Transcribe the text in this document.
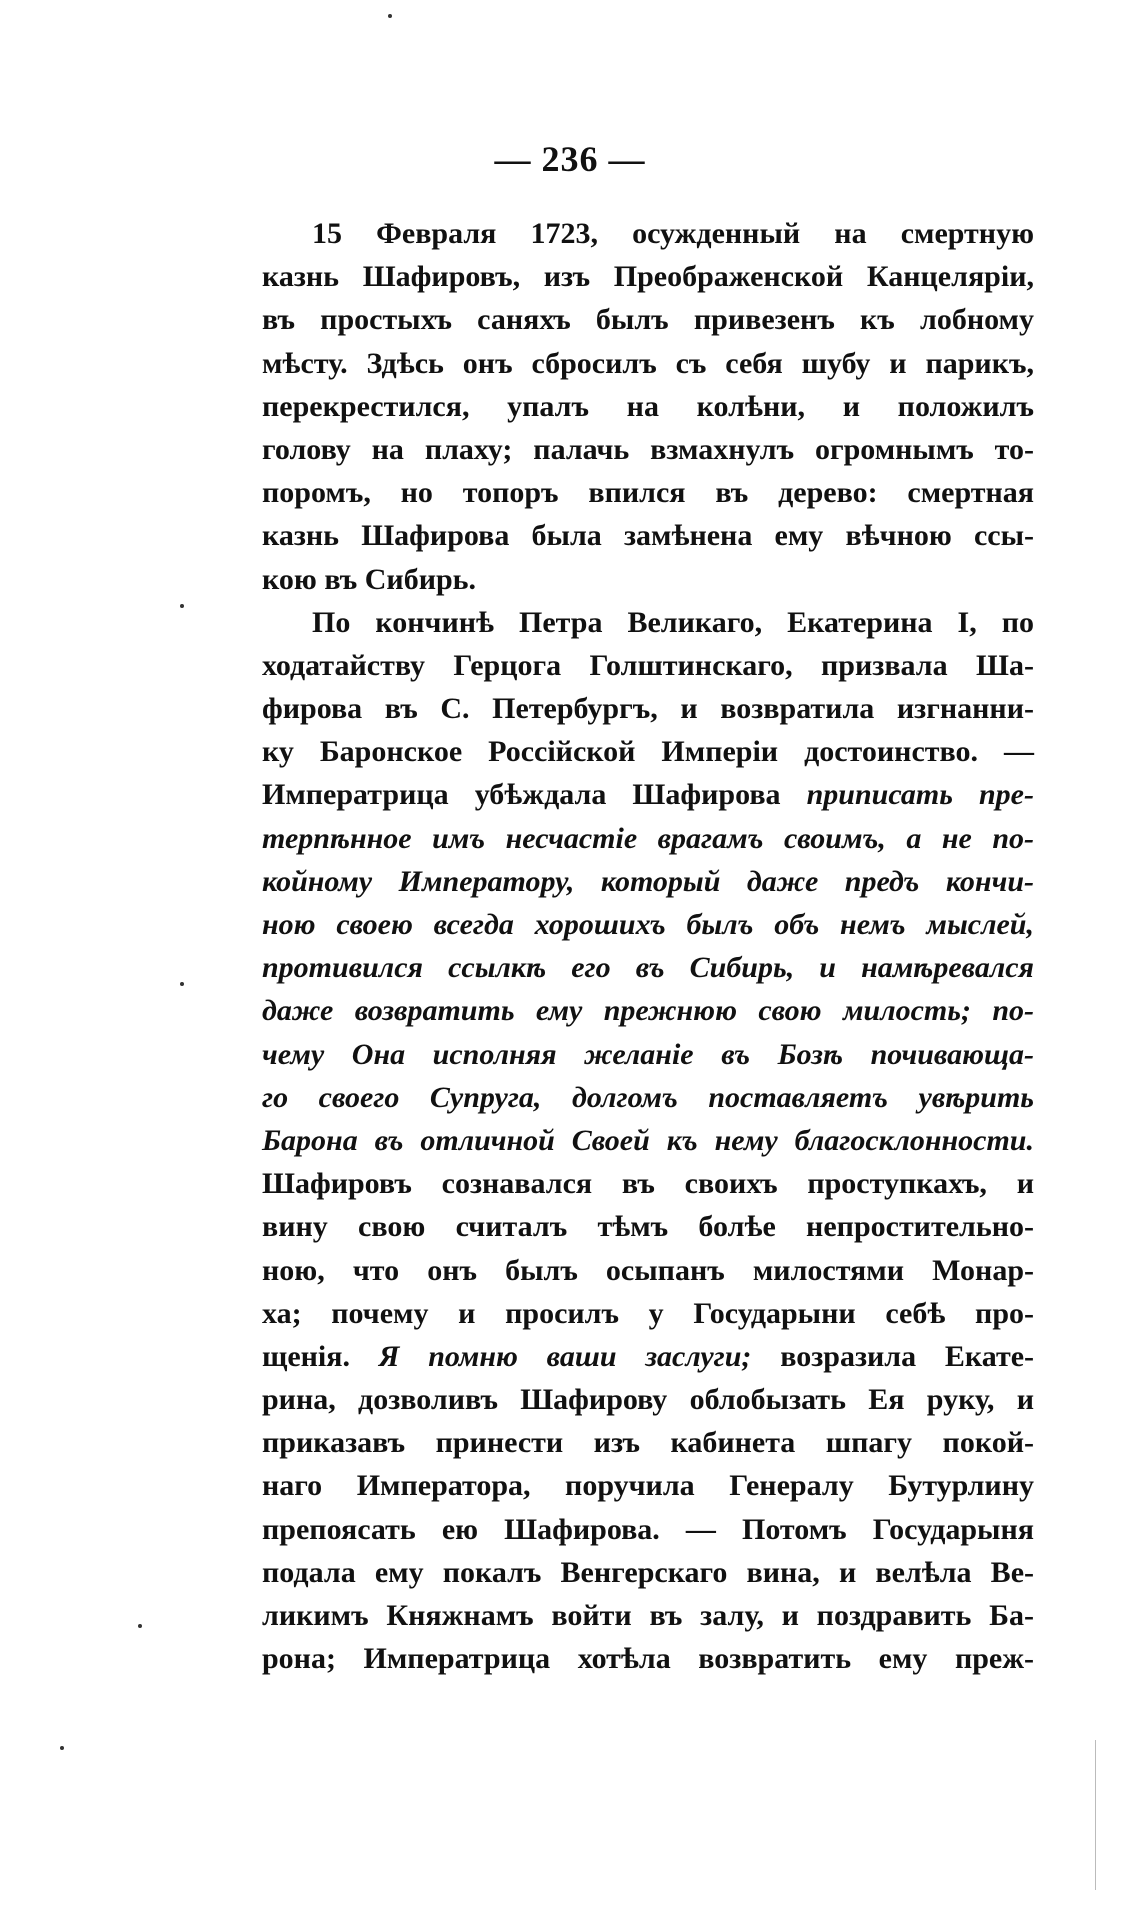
— 236 —
15 Февраля 1723, осужденный на смертную
казнь Шафировъ, изъ Преображенской Канцеляріи,
въ простыхъ саняхъ былъ привезенъ къ лобному
мѣсту. Здѣсь онъ сбросилъ съ себя шубу и парикъ,
перекрестился, упалъ на колѣни, и положилъ
голову на плаху; палачь взмахнулъ огромнымъ то-
поромъ, но топоръ впился въ дерево: смертная
казнь Шафирова была замѣнена ему вѣчною ссы-
кою въ Сибирь.
По кончинѣ Петра Великаго, Екатерина I, по
ходатайству Герцога Голштинскаго, призвала Ша-
фирова въ С. Петербургъ, и возвратила изгнанни-
ку Баронское Россійской Имперіи достоинство. —
Императрица убѣждала Шафирова приписать пре-
терпѣнное имъ несчастіе врагамъ своимъ, а не по-
койному Императору, который даже предъ кончи-
ною своею всегда хорошихъ былъ объ немъ мыслей,
противился ссылкѣ его въ Сибирь, и намѣревался
даже возвратить ему прежнюю свою милость; по-
чему Она исполняя желаніе въ Бозѣ почивающа-
го своего Супруга, долгомъ поставляетъ увѣрить
Барона въ отличной Своей къ нему благосклонности.
Шафировъ сознавался въ своихъ проступкахъ, и
вину свою считалъ тѣмъ болѣе непростительно-
ною, что онъ былъ осыпанъ милостями Монар-
ха; почему и просилъ у Государыни себѣ про-
щенія. Я помню ваши заслуги; возразила Екате-
рина, дозволивъ Шафирову облобызать Ея руку, и
приказавъ принести изъ кабинета шпагу покой-
наго Императора, поручила Генералу Бутурлину
препоясать ею Шафирова. — Потомъ Государыня
подала ему покалъ Венгерскаго вина, и велѣла Ве-
ликимъ Княжнамъ войти въ залу, и поздравить Ба-
рона; Императрица хотѣла возвратить ему преж-
